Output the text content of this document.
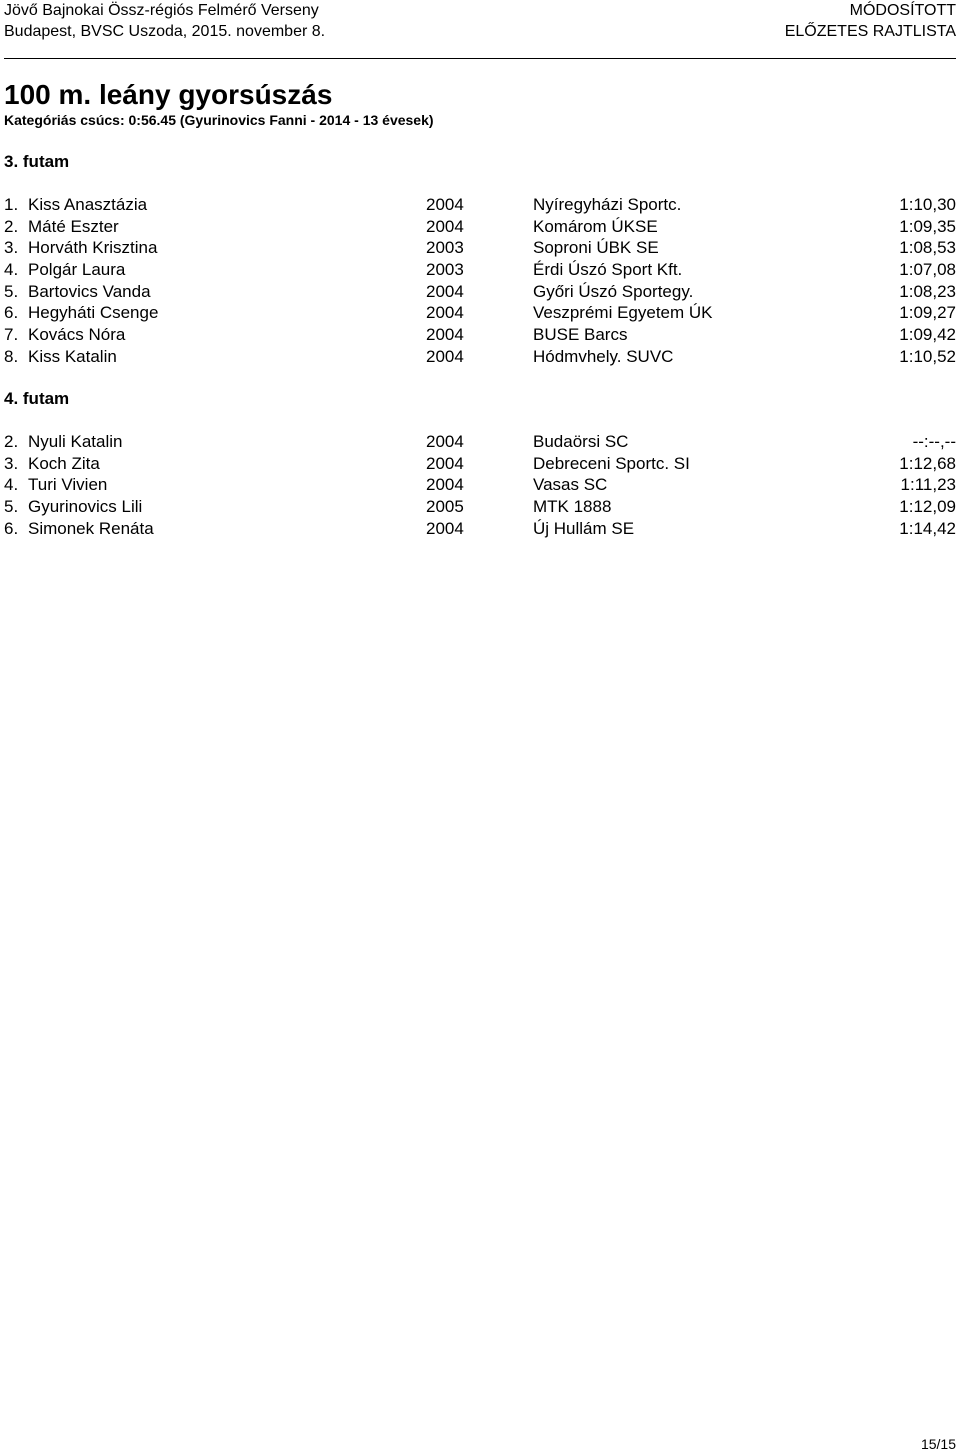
Jövő Bajnokai Össz-régiós Felmérő Verseny
Budapest, BVSC Uszoda, 2015. november 8.
MÓDOSÍTOTT
ELŐZETES RAJTLISTA
100 m. leány gyorsúszás
Kategóriás csúcs: 0:56.45 (Gyurinovics Fanni - 2014 - 13 évesek)
3. futam
1. Kiss Anasztázia	2004	Nyíregyházi Sportc.	1:10,30
2. Máté Eszter	2004	Komárom ÚKSE	1:09,35
3. Horváth Krisztina	2003	Soproni ÚBK SE	1:08,53
4. Polgár Laura	2003	Érdi Úszó Sport Kft.	1:07,08
5. Bartovics Vanda	2004	Győri Úszó Sportegy.	1:08,23
6. Hegyháti Csenge	2004	Veszprémi Egyetem ÚK	1:09,27
7. Kovács Nóra	2004	BUSE Barcs	1:09,42
8. Kiss Katalin	2004	Hódmvhely. SUVC	1:10,52
4. futam
2. Nyuli Katalin	2004	Budaörsi SC	--:--,--
3. Koch Zita	2004	Debreceni Sportc. SI	1:12,68
4. Turi Vivien	2004	Vasas SC	1:11,23
5. Gyurinovics Lili	2005	MTK 1888	1:12,09
6. Simonek Renáta	2004	Új Hullám SE	1:14,42
15/15
